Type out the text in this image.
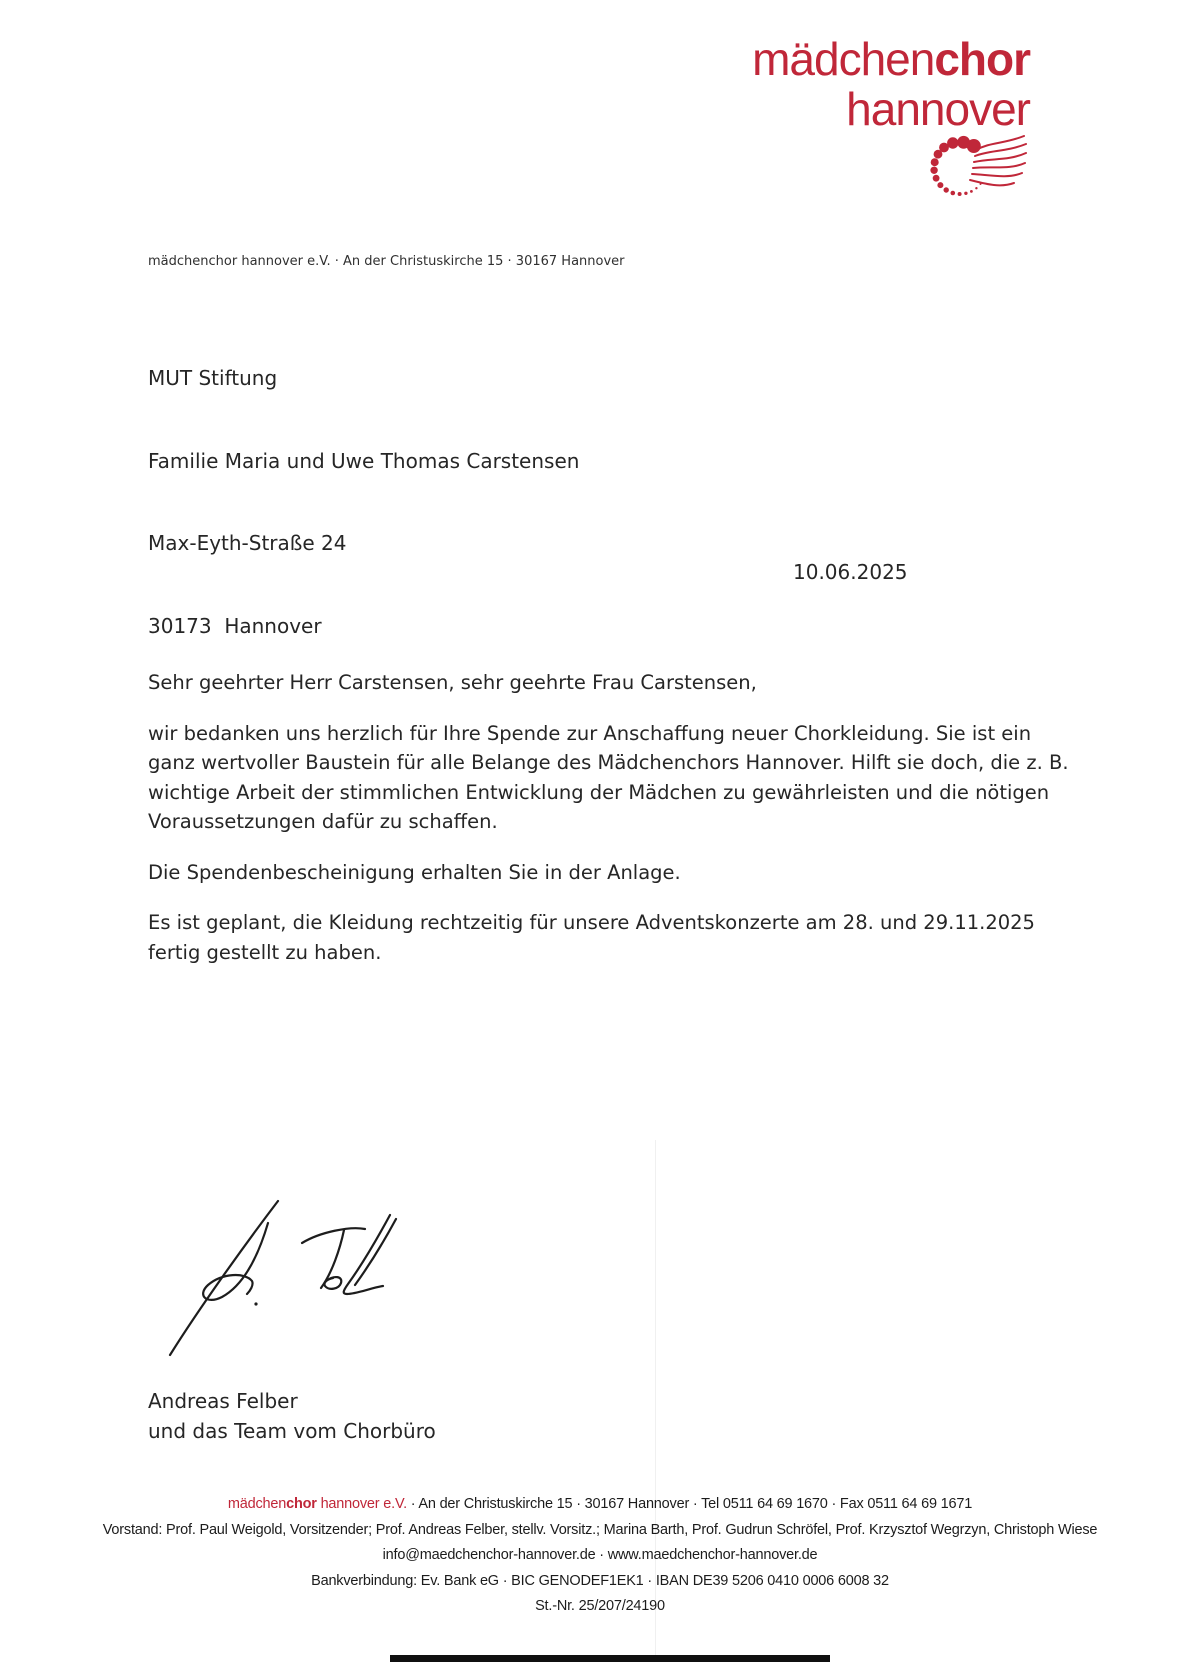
mädchenchor
hannover
mädchenchor hannover e.V. · An der Christuskirche 15 · 30167 Hannover

MUT Stiftung

Familie Maria und Uwe Thomas Carstensen

Max-Eyth-Straße 24

30173  Hannover

10.06.2025

Sehr geehrter Herr Carstensen, sehr geehrte Frau Carstensen,

wir bedanken uns herzlich für Ihre Spende zur Anschaffung neuer Chorkleidung. Sie ist ein ganz wertvoller Baustein für alle Belange des Mädchenchors Hannover. Hilft sie doch, die z. B. wichtige Arbeit der stimmlichen Entwicklung der Mädchen zu gewährleisten und die nötigen Voraussetzungen dafür zu schaffen.

Die Spendenbescheinigung erhalten Sie in der Anlage.

Es ist geplant, die Kleidung rechtzeitig für unsere Adventskonzerte am 28. und 29.11.2025 fertig gestellt zu haben.

Andreas Felber
und das Team vom Chorbüro
mädchenchor hannover e.V. · An der Christuskirche 15 · 30167 Hannover · Tel 0511 64 69 1670 · Fax 0511 64 69 1671
Vorstand: Prof. Paul Weigold, Vorsitzender; Prof. Andreas Felber, stellv. Vorsitz.; Marina Barth, Prof. Gudrun Schröfel, Prof. Krzysztof Wegrzyn, Christoph Wiese
info@maedchenchor-hannover.de · www.maedchenchor-hannover.de
Bankverbindung: Ev. Bank eG · BIC GENODEF1EK1 · IBAN DE39 5206 0410 0006 6008 32
St.-Nr. 25/207/24190
